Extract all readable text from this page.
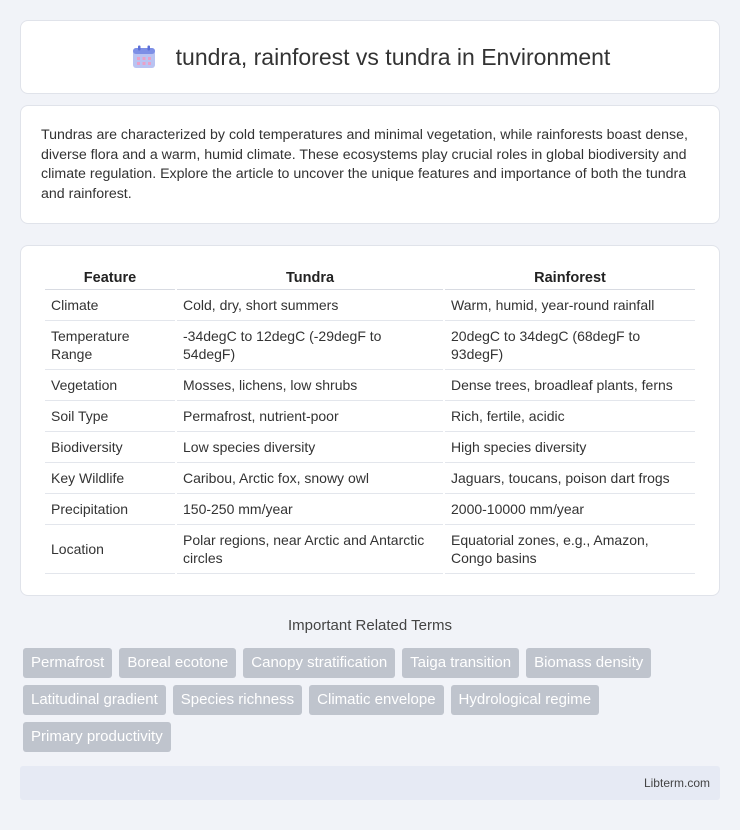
tundra, rainforest vs tundra in Environment

Tundras are characterized by cold temperatures and minimal vegetation, while rainforests boast dense, diverse flora and a warm, humid climate. These ecosystems play crucial roles in global biodiversity and climate regulation. Explore the article to uncover the unique features and importance of both the tundra and rainforest.

Feature	Tundra	Rainforest
Climate	Cold, dry, short summers	Warm, humid, year-round rainfall
Temperature Range	-34degC to 12degC (-29degF to 54degF)	20degC to 34degC (68degF to 93degF)
Vegetation	Mosses, lichens, low shrubs	Dense trees, broadleaf plants, ferns
Soil Type	Permafrost, nutrient-poor	Rich, fertile, acidic
Biodiversity	Low species diversity	High species diversity
Key Wildlife	Caribou, Arctic fox, snowy owl	Jaguars, toucans, poison dart frogs
Precipitation	150-250 mm/year	2000-10000 mm/year
Location	Polar regions, near Arctic and Antarctic circles	Equatorial zones, e.g., Amazon, Congo basins
Important Related Terms
Permafrost	Boreal ecotone	Canopy stratification	Taiga transition	Biomass density
Latitudinal gradient	Species richness	Climatic envelope	Hydrological regime
Primary productivity
Libterm.com
